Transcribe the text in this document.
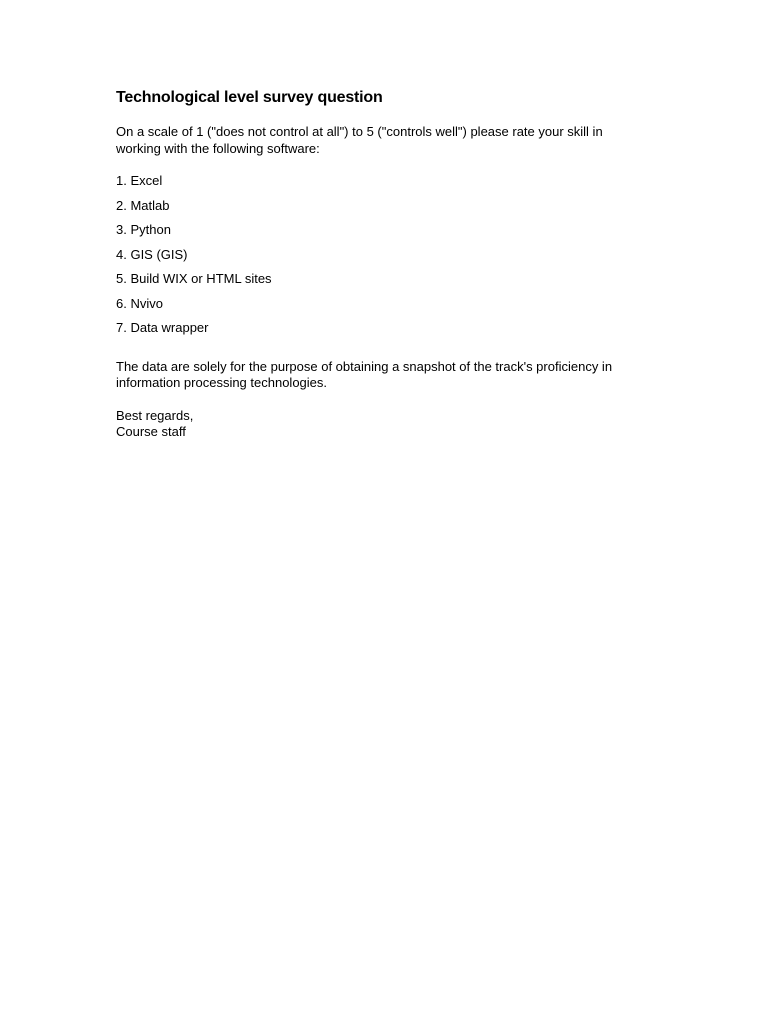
Technological level survey question

On a scale of 1 ("does not control at all") to 5 ("controls well") please rate your skill in working with the following software:

1. Excel
2. Matlab
3. Python
4. GIS (GIS)
5. Build WIX or HTML sites
6. Nvivo
7. Data wrapper

The data are solely for the purpose of obtaining a snapshot of the track's proficiency in information processing technologies.

Best regards,
Course staff
